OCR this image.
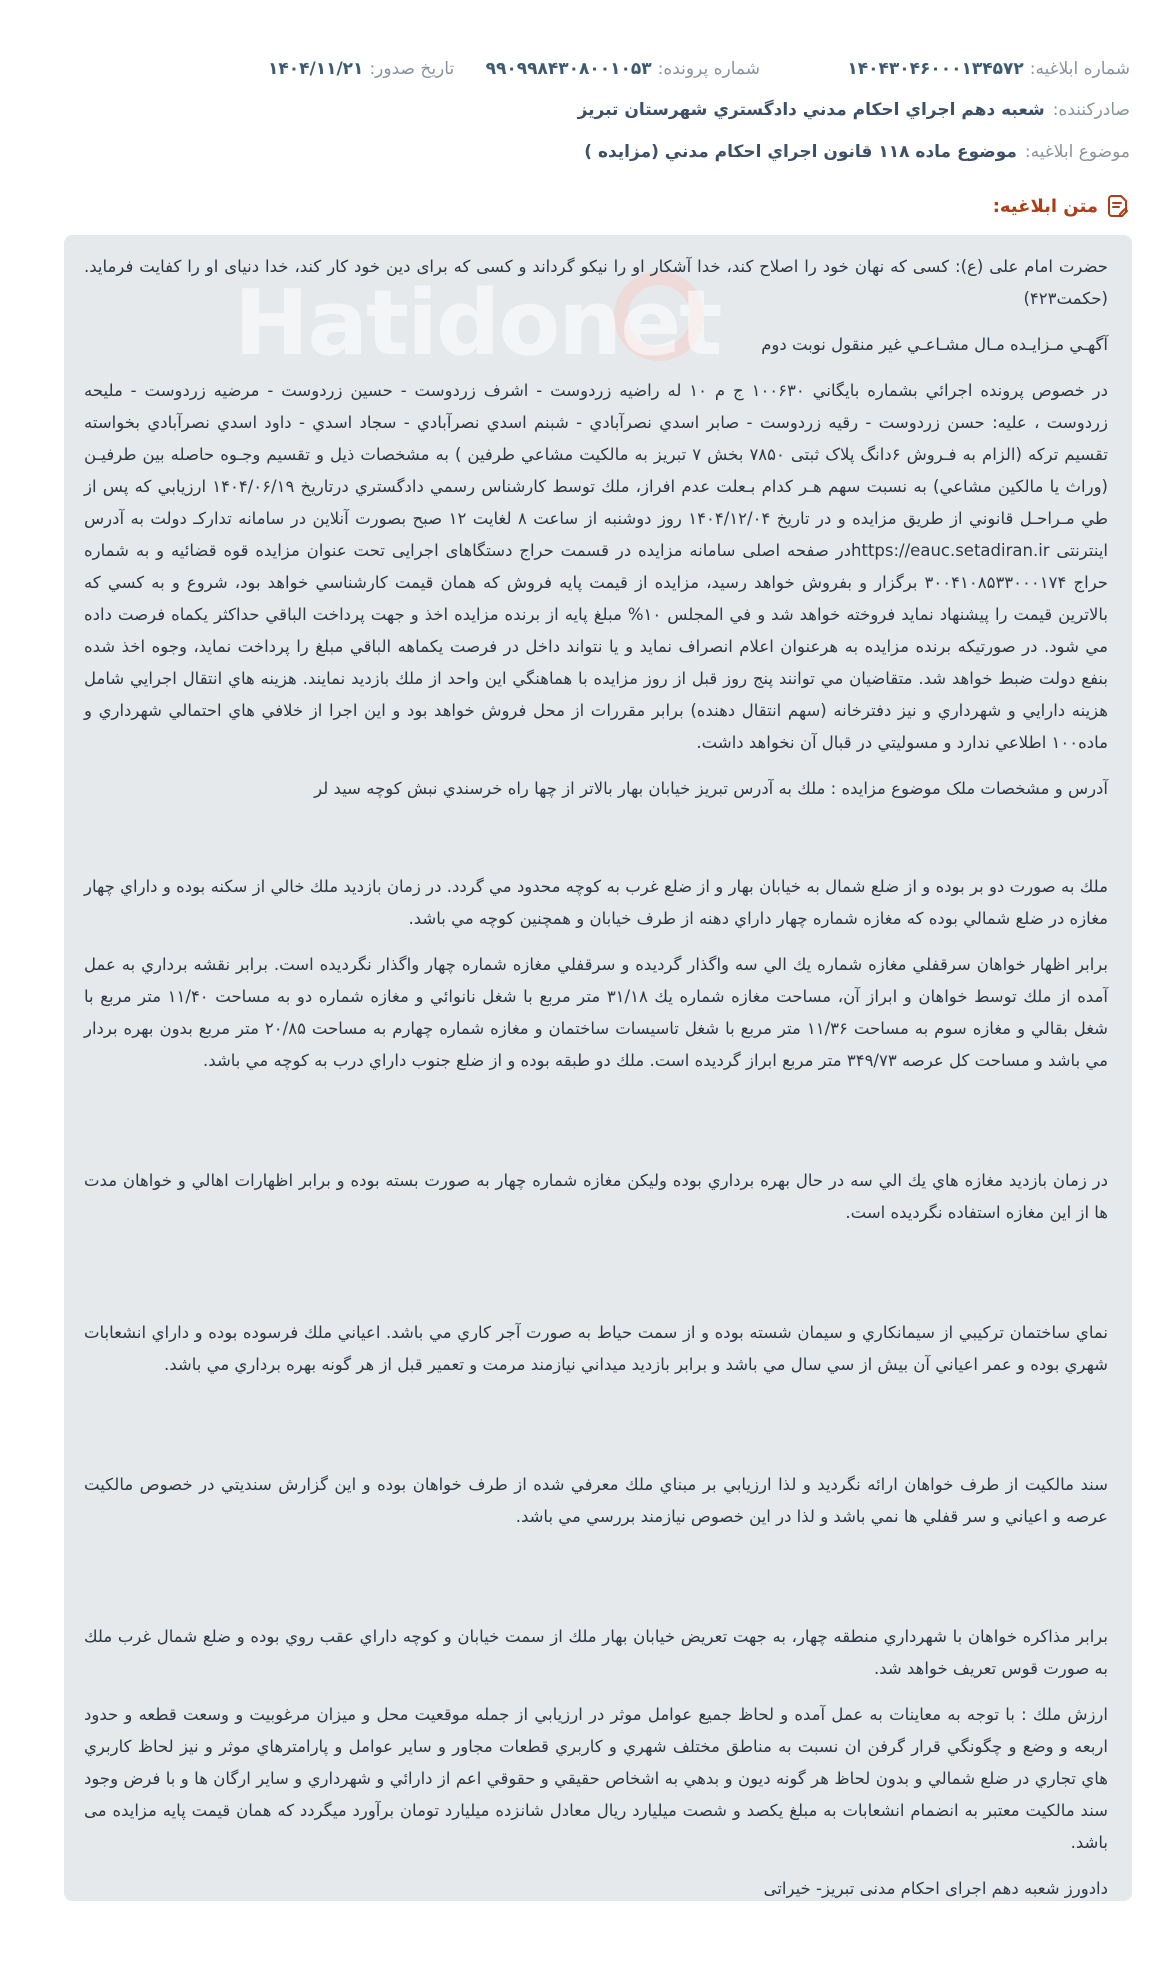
شماره ابلاغیه:
۱۴۰۴۳۰۴۶۰۰۰۱۳۴۵۷۲
شماره پرونده:
۹۹۰۹۹۸۴۳۰۸۰۰۱۰۵۳
تاریخ صدور:
۱۴۰۴/۱۱/۲۱
صادرکننده:
شعبه دهم اجراي احكام مدني دادگستري شهرستان تبريز
موضوع ابلاغیه:
موضوع ماده ۱۱۸ قانون اجراي احكام مدني (مزايده )
متن ابلاغیه:
Hatidonet

حضرت امام علی (ع): کسی که نهان خود را اصلاح کند، خدا آشکار او را نیکو گرداند و کسی که برای دین خود کار کند، خدا دنیای او را کفایت فرماید. (حکمت۴۲۳)

آگهـي مـزايـده مـال مشـاعـي غير منقول نوبت دوم

در خصوص پرونده اجرائي بشماره بايگاني ۱۰۰۶۳۰ ج م ۱۰ له راضيه زردوست - اشرف زردوست - حسين زردوست - مرضيه زردوست - مليحه زردوست ، عليه: حسن زردوست - رقيه زردوست - صابر اسدي نصرآبادي - شبنم اسدي نصرآبادي - سجاد اسدي - داود اسدي نصرآبادي بخواسته تقسيم تركه (الزام به فـروش ۶دانگ پلاک ثبتی ۷۸۵۰ بخش ۷ تبريز به مالكيت مشاعي طرفين ) به مشخصات ذيل و تقسيم وجـوه حاصله بين طرفيـن (وراث يا مالكين مشاعي) به نسبت سهم هـر كدام بـعلت عدم افراز، ملك توسط كارشناس رسمي دادگستري درتاريخ ۱۴۰۴/۰۶/۱۹ ارزيابي كه پس از طي مـراحـل قانوني از طريق مزايده و در تاريخ ۱۴۰۴/۱۲/۰۴ روز دوشنبه از ساعت ۸ لغايت ۱۲ صبح بصورت آنلاين در سامانه تداركـ دولت به آدرس اينترنتی https://eauc.setadiran.irدر صفحه اصلی سامانه مزايده در قسمت حراج دستگاهای اجرايی تحت عنوان مزايده قوه قضائيه و به شماره حراج ۳۰۰۴۱۰۸۵۳۳۰۰۰۱۷۴ برگزار و بفروش خواهد رسيد، مزايده از قيمت پايه فروش كه همان قيمت كارشناسي خواهد بود، شروع و به كسي كه بالاترين قيمت را پيشنهاد نمايد فروخته خواهد شد و في المجلس ۱۰% مبلغ پايه از برنده مزايده اخذ و جهت پرداخت الباقي حداكثر يكماه فرصت داده مي شود. در صورتيكه برنده مزايده به هرعنوان اعلام انصراف نمايد و يا نتواند داخل در فرصت يكماهه الباقي مبلغ را پرداخت نمايد، وجوه اخذ شده بنفع دولت ضبط خواهد شد. متقاضيان مي توانند پنج روز قبل از روز مزايده با هماهنگي اين واحد از ملك بازديد نمايند. هزينه هاي انتقال اجرايي شامل هزينه دارايي و شهرداري و نيز دفترخانه (سهم انتقال دهنده) برابر مقررات از محل فروش خواهد بود و اين اجرا از خلافي هاي احتمالي شهرداري و ماده۱۰۰ اطلاعي ندارد و مسوليتي در قبال آن نخواهد داشت.

آدرس و مشخصات ملک موضوع مزايده : ملك به آدرس تبريز خيابان بهار بالاتر از چها راه خرسندي نبش كوچه سيد لر

ملك به صورت دو بر بوده و از ضلع شمال به خيابان بهار و از ضلع غرب به كوچه محدود مي گردد. در زمان بازديد ملك خالي از سكنه بوده و داراي چهار مغازه در ضلع شمالي بوده كه مغازه شماره چهار داراي دهنه از طرف خيابان و همچنين كوچه مي باشد.

برابر اظهار خواهان سرقفلي مغازه شماره يك الي سه واگذار گرديده و سرقفلي مغازه شماره چهار واگذار نگرديده است. برابر نقشه برداري به عمل آمده از ملك توسط خواهان و ابراز آن، مساحت مغازه شماره يك ۳۱/۱۸ متر مربع با شغل نانوائي و مغازه شماره دو به مساحت ۱۱/۴۰ متر مربع با شغل بقالي و مغازه سوم به مساحت ۱۱/۳۶ متر مربع با شغل تاسيسات ساختمان و مغازه شماره چهارم به مساحت ۲۰/۸۵ متر مربع بدون بهره بردار مي باشد و مساحت كل عرصه ۳۴۹/۷۳ متر مربع ابراز گرديده است. ملك دو طبقه بوده و از ضلع جنوب داراي درب به كوچه مي باشد.

در زمان بازديد مغازه هاي يك الي سه در حال بهره برداري بوده وليكن مغازه شماره چهار به صورت بسته بوده و برابر اظهارات اهالي و خواهان مدت ها از اين مغازه استفاده نگرديده است.

نماي ساختمان تركيبي از سيمانكاري و سيمان شسته بوده و از سمت حياط به صورت آجر كاري مي باشد. اعياني ملك فرسوده بوده و داراي انشعابات شهري بوده و عمر اعياني آن بيش از سي سال مي باشد و برابر بازديد ميداني نيازمند مرمت و تعمير قبل از هر گونه بهره برداري مي باشد.

سند مالكيت از طرف خواهان ارائه نگرديد و لذا ارزيابي بر مبناي ملك معرفي شده از طرف خواهان بوده و اين گزارش سنديتي در خصوص مالكيت عرصه و اعياني و سر قفلي ها نمي باشد و لذا در اين خصوص نيازمند بررسي مي باشد.

برابر مذاكره خواهان با شهرداري منطقه چهار، به جهت تعريض خيابان بهار ملك از سمت خيابان و كوچه داراي عقب روي بوده و ضلع شمال غرب ملك به صورت قوس تعريف خواهد شد.

ارزش ملك : با توجه به معاينات به عمل آمده و لحاظ جميع عوامل موثر در ارزيابي از جمله موقعيت محل و ميزان مرغوبيت و وسعت قطعه و حدود اربعه و وضع و چگونگي قرار گرفن ان نسبت به مناطق مختلف شهري و كاربري قطعات مجاور و ساير عوامل و پارامترهاي موثر و نيز لحاظ كاربري هاي تجاري در ضلع شمالي و بدون لحاظ هر گونه ديون و بدهي به اشخاص حقيقي و حقوقي اعم از دارائي و شهرداري و ساير ارگان ها و با فرض وجود سند مالكيت معتبر به انضمام انشعابات به مبلغ يكصد و شصت ميليارد ريال معادل شانزده ميليارد تومان برآورد ميگردد كه همان قيمت پايه مزايده می باشد.

دادورز شعبه دهم اجرای احکام مدنی تبریز- خیراتی
